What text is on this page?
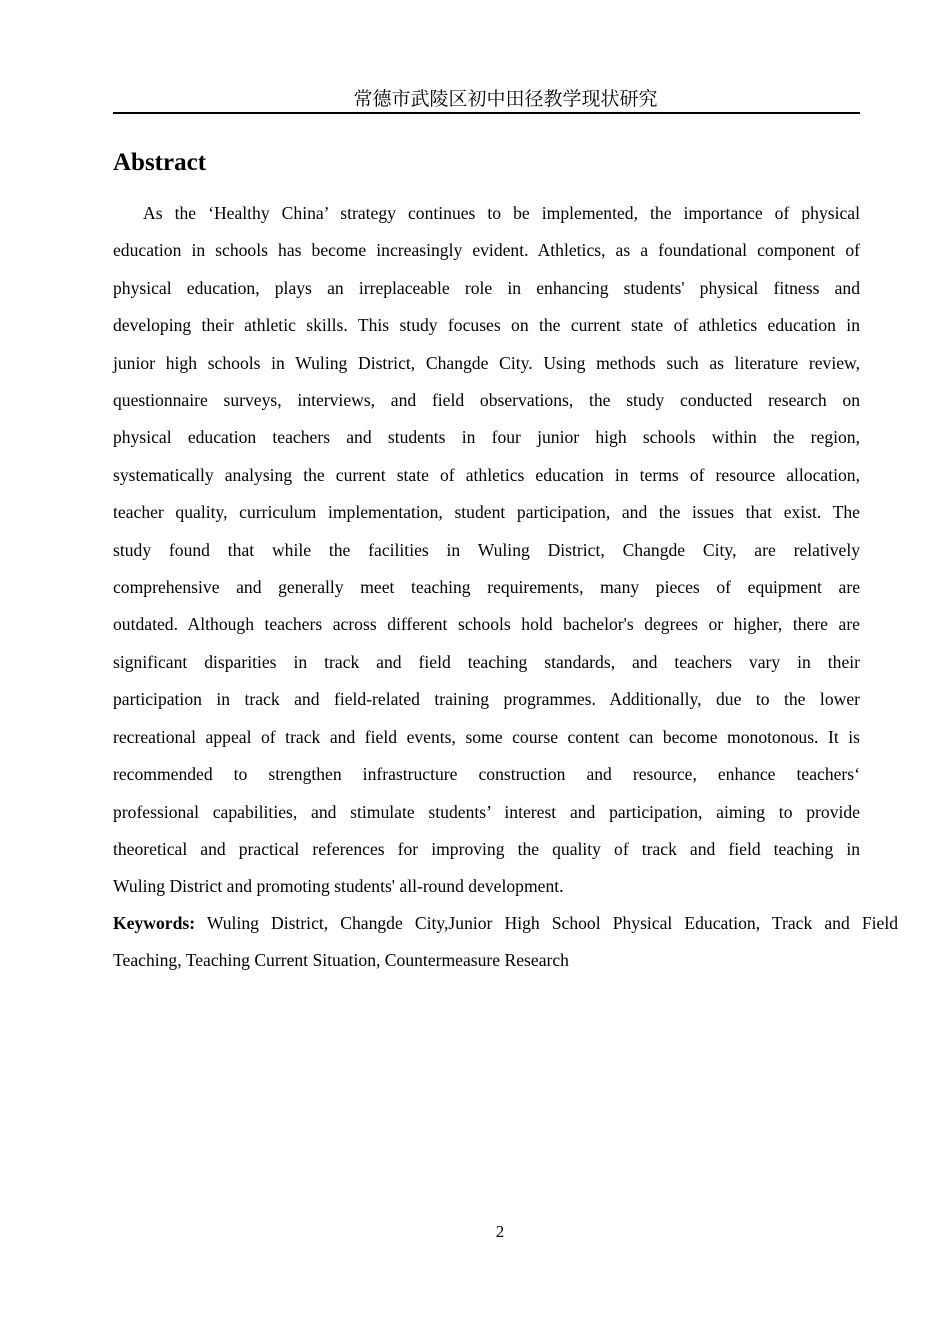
常德市武陵区初中田径教学现状研究
Abstract
As the ‘Healthy China’ strategy continues to be implemented, the importance of physical
education in schools has become increasingly evident. Athletics, as a foundational component of
physical education, plays an irreplaceable role in enhancing students' physical fitness and
developing their athletic skills. This study focuses on the current state of athletics education in
junior high schools in Wuling District, Changde City. Using methods such as literature review,
questionnaire surveys, interviews, and field observations, the study conducted research on
physical education teachers and students in four junior high schools within the region,
systematically analysing the current state of athletics education in terms of resource allocation,
teacher quality, curriculum implementation, student participation, and the issues that exist. The
study found that while the facilities in Wuling District, Changde City, are relatively
comprehensive and generally meet teaching requirements, many pieces of equipment are
outdated. Although teachers across different schools hold bachelor's degrees or higher, there are
significant disparities in track and field teaching standards, and teachers vary in their
participation in track and field-related training programmes. Additionally, due to the lower
recreational appeal of track and field events, some course content can become monotonous. It is
recommended to strengthen infrastructure construction and resource, enhance teachers‘
professional capabilities, and stimulate students’ interest and participation, aiming to provide
theoretical and practical references for improving the quality of track and field teaching in
Wuling District and promoting students' all-round development.
Keywords: Wuling District, Changde City,Junior High School Physical Education, Track and Field
Teaching, Teaching Current Situation, Countermeasure Research
2
